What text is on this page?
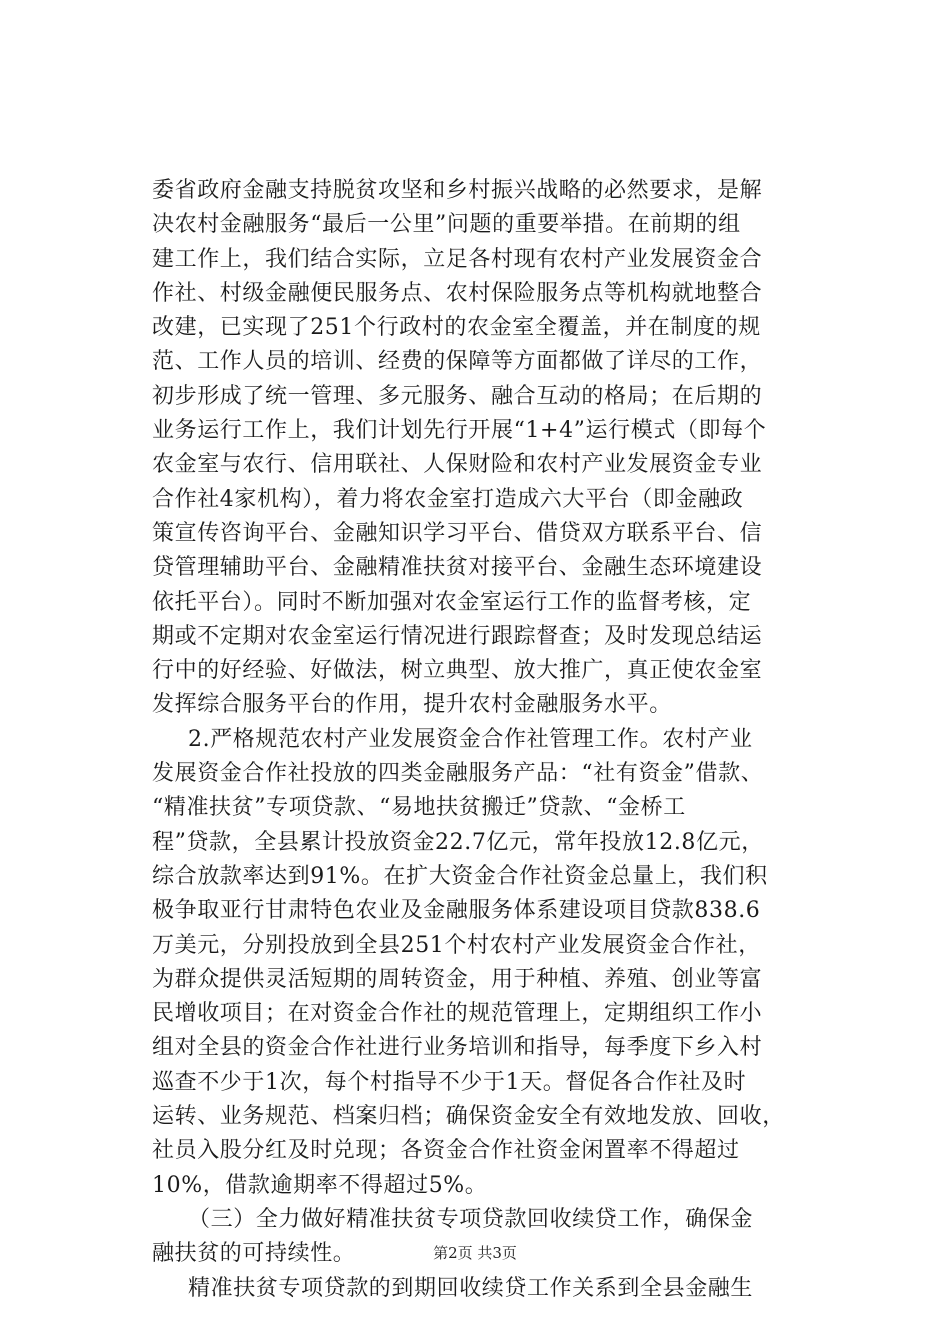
委省政府金融支持脱贫攻坚和乡村振兴战略的必然要求，是解
决农村金融服务“最后一公里”问题的重要举措。在前期的组
建工作上，我们结合实际，立足各村现有农村产业发展资金合
作社、村级金融便民服务点、农村保险服务点等机构就地整合
改建，已实现了251个行政村的农金室全覆盖，并在制度的规
范、工作人员的培训、经费的保障等方面都做了详尽的工作，
初步形成了统一管理、多元服务、融合互动的格局；在后期的
业务运行工作上，我们计划先行开展“1+4”运行模式（即每个
农金室与农行、信用联社、人保财险和农村产业发展资金专业
合作社4家机构），着力将农金室打造成六大平台（即金融政
策宣传咨询平台、金融知识学习平台、借贷双方联系平台、信
贷管理辅助平台、金融精准扶贫对接平台、金融生态环境建设
依托平台）。同时不断加强对农金室运行工作的监督考核，定
期或不定期对农金室运行情况进行跟踪督查；及时发现总结运
行中的好经验、好做法，树立典型、放大推广，真正使农金室
发挥综合服务平台的作用，提升农村金融服务水平。
2.严格规范农村产业发展资金合作社管理工作。农村产业
发展资金合作社投放的四类金融服务产品：“社有资金”借款、
“精准扶贫”专项贷款、“易地扶贫搬迁”贷款、“金桥工
程”贷款，全县累计投放资金22.7亿元，常年投放12.8亿元，
综合放款率达到91%。在扩大资金合作社资金总量上，我们积
极争取亚行甘肃特色农业及金融服务体系建设项目贷款838.6
万美元，分别投放到全县251个村农村产业发展资金合作社，
为群众提供灵活短期的周转资金，用于种植、养殖、创业等富
民增收项目；在对资金合作社的规范管理上，定期组织工作小
组对全县的资金合作社进行业务培训和指导，每季度下乡入村
巡查不少于1次，每个村指导不少于1天。督促各合作社及时
运转、业务规范、档案归档；确保资金安全有效地发放、回收，
社员入股分红及时兑现；各资金合作社资金闲置率不得超过
10%，借款逾期率不得超过5%。
（三）全力做好精准扶贫专项贷款回收续贷工作，确保金
融扶贫的可持续性。
精准扶贫专项贷款的到期回收续贷工作关系到全县金融生
第2页 共3页
